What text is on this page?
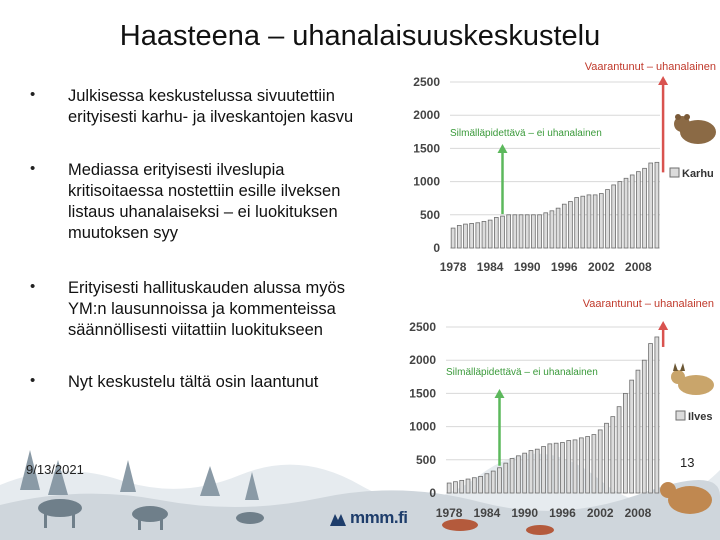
Haasteena – uhanalaisuuskeskustelu
• Julkisessa keskustelussa sivuutettiin erityisesti karhu- ja ilveskantojen kasvu
• Mediassa erityisesti ilveslupia kritisoitaessa nostettiin esille ilveksen listaus uhanalaiseksi – ei luokituksen muutoksen syy
• Erityisesti hallituskauden alussa myös YM:n lausunnoissa ja kommenteissa säännöllisesti viitattiin luokitukseen
• Nyt keskustelu tältä osin laantunut
9/13/2021	13
mmm.fi
0
500
1000
1500
2000
2500
1978 1984 1990 1996 2002 2008
Vaarantunut – uhanalainen
Silmälläpidettävä – ei uhanalainen
Karhu
0
500
1000
1500
2000
2500
1978 1984 1990 1996 2002 2008
Vaarantunut – uhanalainen
Silmälläpidettävä – ei uhanalainen
Ilves
